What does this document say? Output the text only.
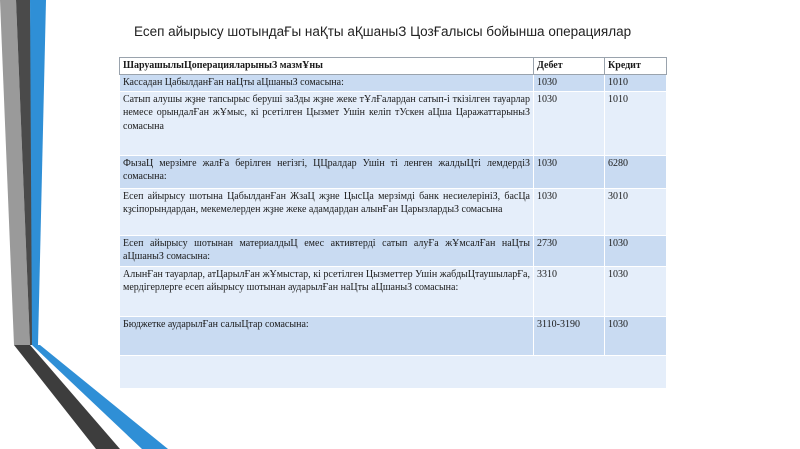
Есеп айырысу шотындаҒы наҚты аҚшаныЗ ЦозҒалысы бойынша операциялар
ШаруашылыЦоперацияларыныЗ мазмҰны	Дебет	Кредит
Кассадан ЦабылданҒан наЦты аЦшаныЗ сомасына:	1030	1010
Сатып алушы жҙне тапсырыс беруші заЗды жҙне жеке тҰлҒалардан сатып-і ткізілген тауарлар немесе орындалҒан жҰмыс, кі рсетілген Цызмет Ушін келіп тУскен аЦша ЦаражаттарыныЗ сомасына	1030	1010
ФызаЦ мерзімге жалҒа берілген негізгі, ЦЦралдар Ушін ті ленген жалдыЦті лемдердіЗ сомасына:	1030	6280
Есеп айырысу шотына ЦабылданҒан ЖзаЦ жҙне ЦысЦа мерзімді банк несиелерініЗ, басЦа кҙсіпорындардан, мекемелерден жҙне жеке адамдардан алынҒан ЦарызлардыЗ сомасына	1030	3010
Есеп айырысу шотынан материалдыЦ емес активтерді сатып алуҒа жҰмсалҒан наЦты аЦшаныЗ сомасына:	2730	1030
АлынҒан тауарлар, атЦарылҒан жҰмыстар, кі рсетілген Цызметтер Ушін жабдыЦтаушыларҒа, мердігерлерге есеп айырысу шотынан аударылҒан наЦты аЦшаныЗ сомасына:	3310	1030
Бюджетке аударылҒан салыЦтар сомасына:	3110-3190	1030
